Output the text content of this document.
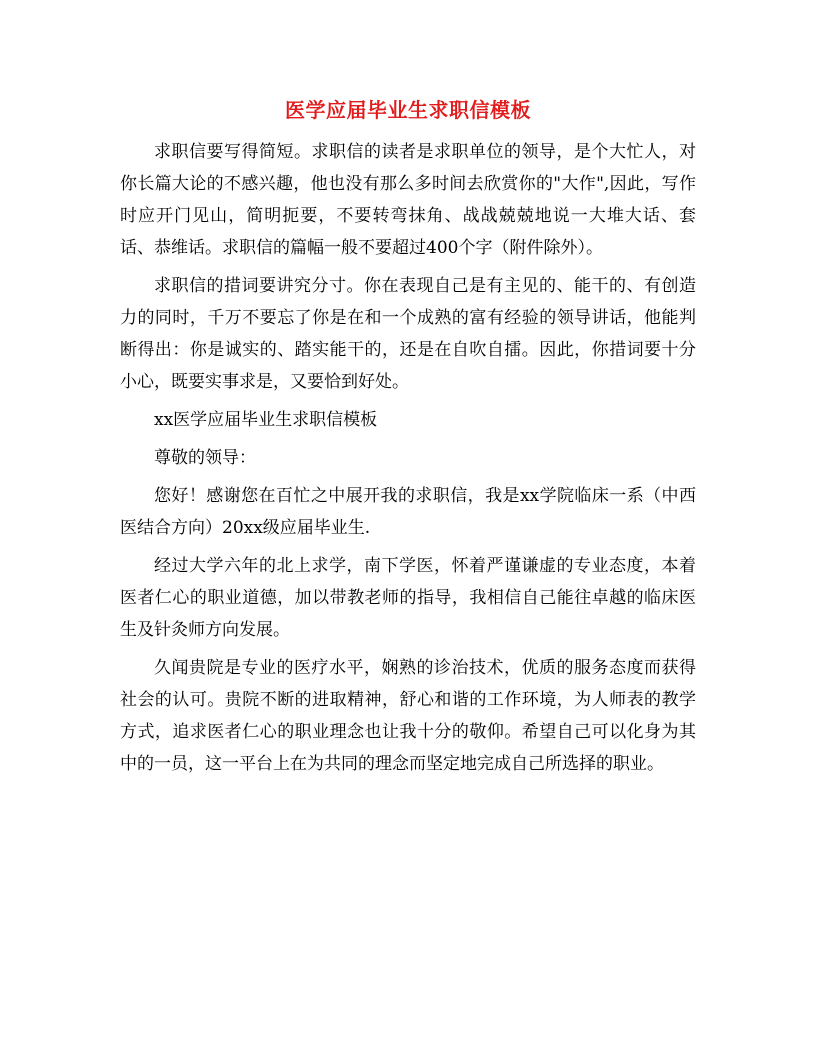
医学应届毕业生求职信模板

求职信要写得简短。求职信的读者是求职单位的领导，是个大忙人，对你长篇大论的不感兴趣，他也没有那么多时间去欣赏你的"大作",因此，写作时应开门见山，简明扼要，不要转弯抹角、战战兢兢地说一大堆大话、套话、恭维话。求职信的篇幅一般不要超过400个字（附件除外）。

求职信的措词要讲究分寸。你在表现自己是有主见的、能干的、有创造力的同时，千万不要忘了你是在和一个成熟的富有经验的领导讲话，他能判断得出：你是诚实的、踏实能干的，还是在自吹自擂。因此，你措词要十分小心，既要实事求是，又要恰到好处。

xx医学应届毕业生求职信模板

尊敬的领导：

您好！感谢您在百忙之中展开我的求职信，我是xx学院临床一系（中西医结合方向）20xx级应届毕业生.

经过大学六年的北上求学，南下学医，怀着严谨谦虚的专业态度，本着医者仁心的职业道德，加以带教老师的指导，我相信自己能往卓越的临床医生及针灸师方向发展。

久闻贵院是专业的医疗水平，娴熟的诊治技术，优质的服务态度而获得社会的认可。贵院不断的进取精神，舒心和谐的工作环境，为人师表的教学方式，追求医者仁心的职业理念也让我十分的敬仰。希望自己可以化身为其中的一员，这一平台上在为共同的理念而坚定地完成自己所选择的职业。
